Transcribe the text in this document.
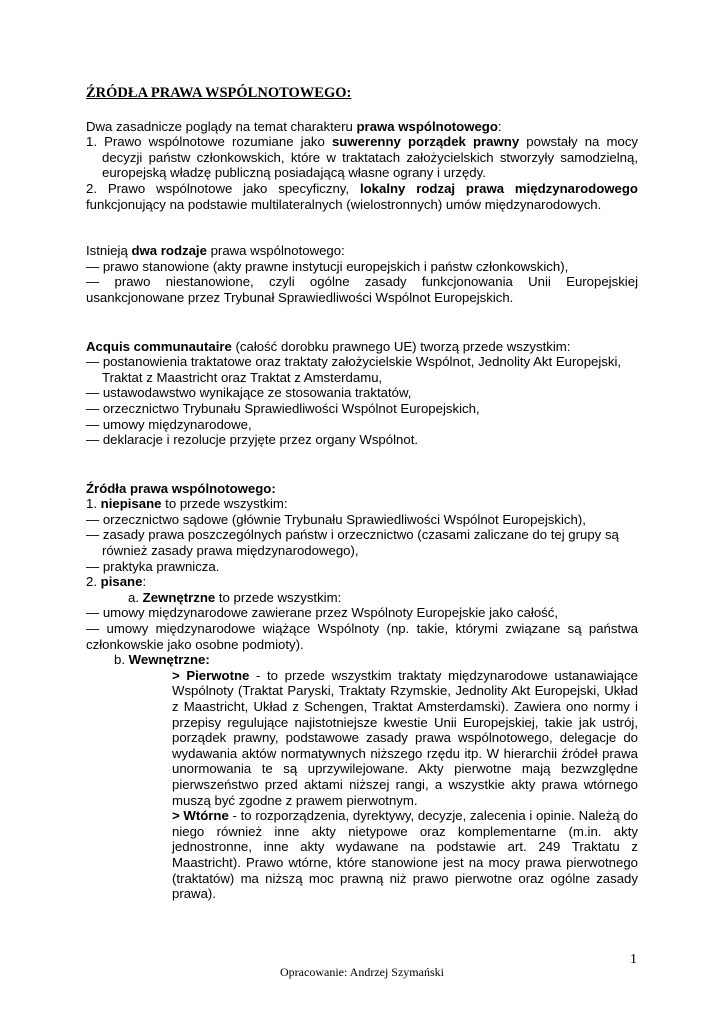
ŹRÓDŁA PRAWA WSPÓLNOTOWEGO:

Dwa zasadnicze poglądy na temat charakteru prawa wspólnotowego:

1. Prawo wspólnotowe rozumiane jako suwerenny porządek prawny powstały na mocy decyzji państw członkowskich, które w traktatach założycielskich stworzyły samodzielną, europejską władzę publiczną posiadającą własne ograny i urzędy.

2. Prawo wspólnotowe jako specyficzny, lokalny rodzaj prawa międzynarodowego funkcjonujący na podstawie multilateralnych (wielostronnych) umów międzynarodowych.

Istnieją dwa rodzaje prawa wspólnotowego:

— prawo stanowione (akty prawne instytucji europejskich i państw członkowskich),

— prawo niestanowione, czyli ogólne zasady funkcjonowania Unii Europejskiej usankcjonowane przez Trybunał Sprawiedliwości Wspólnot Europejskich.

Acquis communautaire (całość dorobku prawnego UE) tworzą przede wszystkim:

— postanowienia traktatowe oraz traktaty założycielskie Wspólnot, Jednolity Akt Europejski, Traktat z Maastricht oraz Traktat z Amsterdamu,

— ustawodawstwo wynikające ze stosowania traktatów,

— orzecznictwo Trybunału Sprawiedliwości Wspólnot Europejskich,

— umowy międzynarodowe,

— deklaracje i rezolucje przyjęte przez organy Wspólnot.

Źródła prawa wspólnotowego:

1. niepisane to przede wszystkim:

— orzecznictwo sądowe (głównie Trybunału Sprawiedliwości Wspólnot Europejskich),

— zasady prawa poszczególnych państw i orzecznictwo (czasami zaliczane do tej grupy są również zasady prawa międzynarodowego),

— praktyka prawnicza.

2. pisane:

a. Zewnętrzne to przede wszystkim:

— umowy międzynarodowe zawierane przez Wspólnoty Europejskie jako całość,

— umowy międzynarodowe wiążące Wspólnoty (np. takie, którymi związane są państwa członkowskie jako osobne podmioty).

b. Wewnętrzne:

> Pierwotne - to przede wszystkim traktaty międzynarodowe ustanawiające Wspólnoty (Traktat Paryski, Traktaty Rzymskie, Jednolity Akt Europejski, Układ z Maastricht, Układ z Schengen, Traktat Amsterdamski). Zawiera ono normy i przepisy regulujące najistotniejsze kwestie Unii Europejskiej, takie jak ustrój, porządek prawny, podstawowe zasady prawa wspólnotowego, delegacje do wydawania aktów normatywnych niższego rzędu itp. W hierarchii źródeł prawa unormowania te są uprzywilejowane. Akty pierwotne mają bezwzględne pierwszeństwo przed aktami niższej rangi, a wszystkie akty prawa wtórnego muszą być zgodne z prawem pierwotnym.

> Wtórne - to rozporządzenia, dyrektywy, decyzje, zalecenia i opinie. Należą do niego również inne akty nietypowe oraz komplementarne (m.in. akty jednostronne, inne akty wydawane na podstawie art. 249 Traktatu z Maastricht). Prawo wtórne, które stanowione jest na mocy prawa pierwotnego (traktatów) ma niższą moc prawną niż prawo pierwotne oraz ogólne zasady prawa).

1
Opracowanie: Andrzej Szymański
